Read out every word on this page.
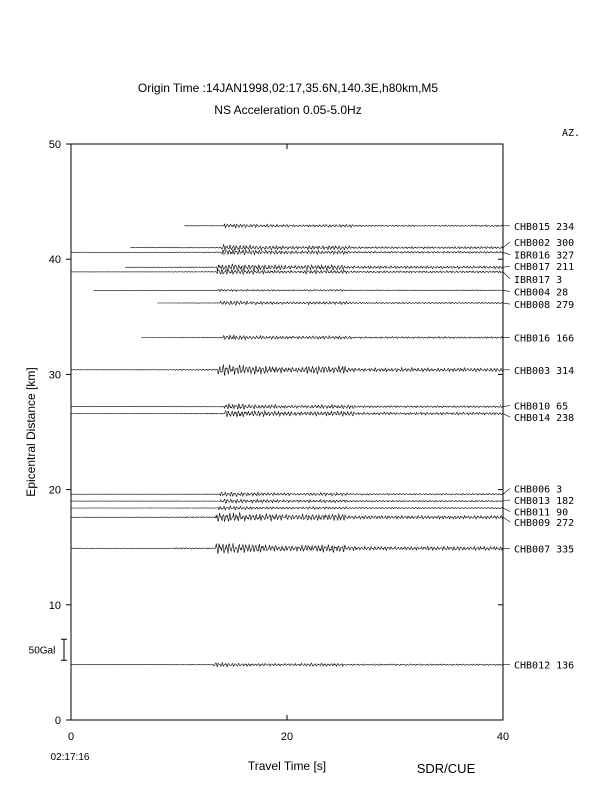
Origin Time :14JAN1998,02:17,35.6N,140.3E,h80km,M5
NS Acceleration 0.05-5.0Hz
AZ.
0
10
20
30
40
50
0	20	40
Epicentral Distance [km]
Travel Time [s]
02:17:16
SDR/CUE
50Gal
CHB015 234
CHB002 300
IBR016 327
CHB017 211
IBR017 3
CHB004 28
CHB008 279
CHB016 166
CHB003 314
CHB010 65
CHB014 238
CHB006 3
CHB013 182
CHB011 90
CHB009 272
CHB007 335
CHB012 136
